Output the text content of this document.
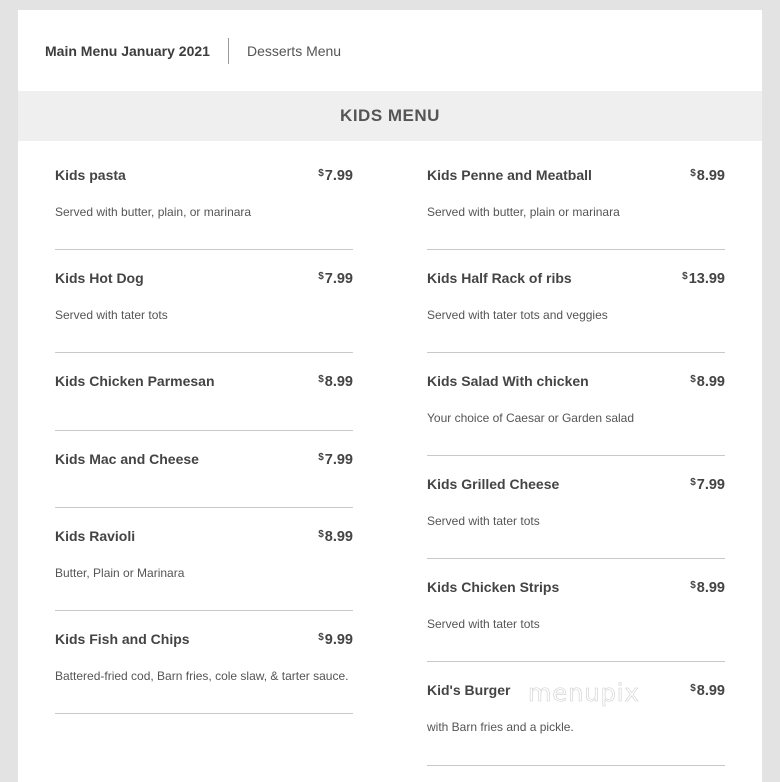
Main Menu January 2021	Desserts Menu
KIDS MENU
Kids pasta	$7.99
Served with butter, plain, or marinara
Kids Hot Dog	$7.99
Served with tater tots
Kids Chicken Parmesan	$8.99
Kids Mac and Cheese	$7.99
Kids Ravioli	$8.99
Butter, Plain or Marinara
Kids Fish and Chips	$9.99
Battered-fried cod, Barn fries, cole slaw, & tarter sauce.
Kids Penne and Meatball	$8.99
Served with butter, plain or marinara
Kids Half Rack of ribs	$13.99
Served with tater tots and veggies
Kids Salad With chicken	$8.99
Your choice of Caesar or Garden salad
Kids Grilled Cheese	$7.99
Served with tater tots
Kids Chicken Strips	$8.99
Served with tater tots
Kid's Burger	$8.99
with Barn fries and a pickle.
menupix
